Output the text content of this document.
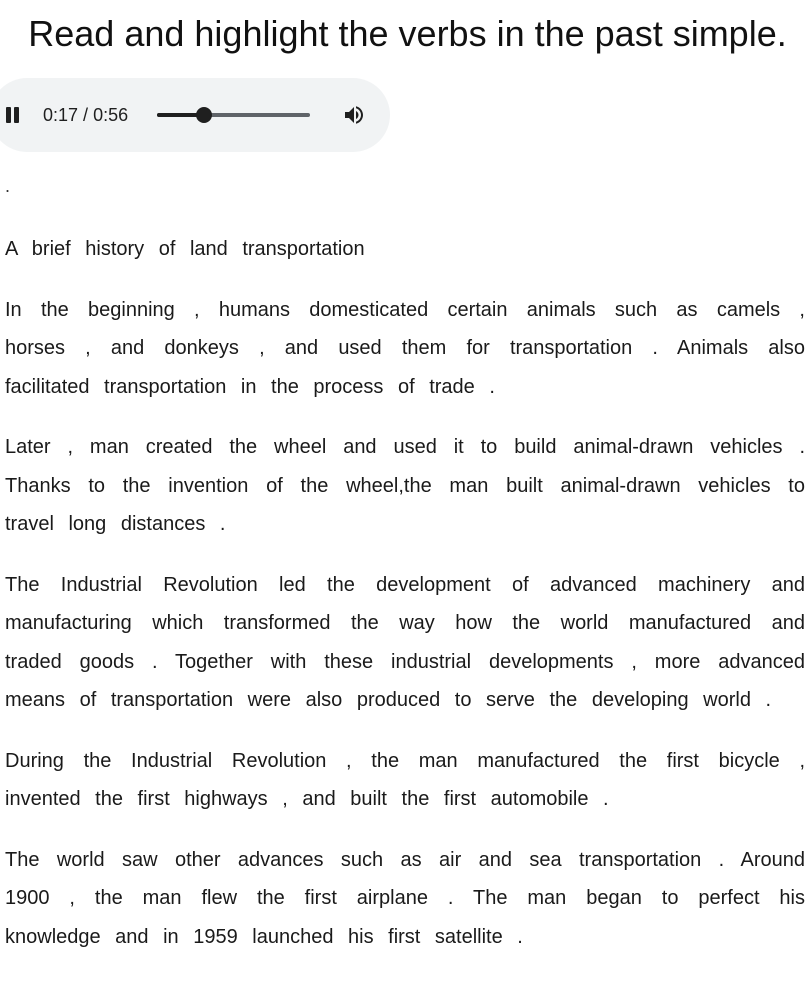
Read and highlight the verbs in the past simple.
0:17 / 0:56
.

A brief history of land transportation

In the beginning , humans domesticated certain animals such as camels , horses , and donkeys , and used them for transportation . Animals also facilitated transportation in the process of trade .

Later , man created the wheel and used it to build animal-drawn vehicles . Thanks to the invention of the wheel,the man built animal-drawn vehicles to travel long distances .

The Industrial Revolution led the development of advanced machinery and manufacturing which transformed the way how the world manufactured and traded goods . Together with these industrial developments , more advanced means of transportation were also produced to serve the developing world .

During the Industrial Revolution , the man manufactured the first bicycle , invented the first highways , and built the first automobile .

The world saw other advances such as air and sea transportation . Around 1900 , the man flew the first airplane . The man began to perfect his knowledge and in 1959 launched his first satellite .
